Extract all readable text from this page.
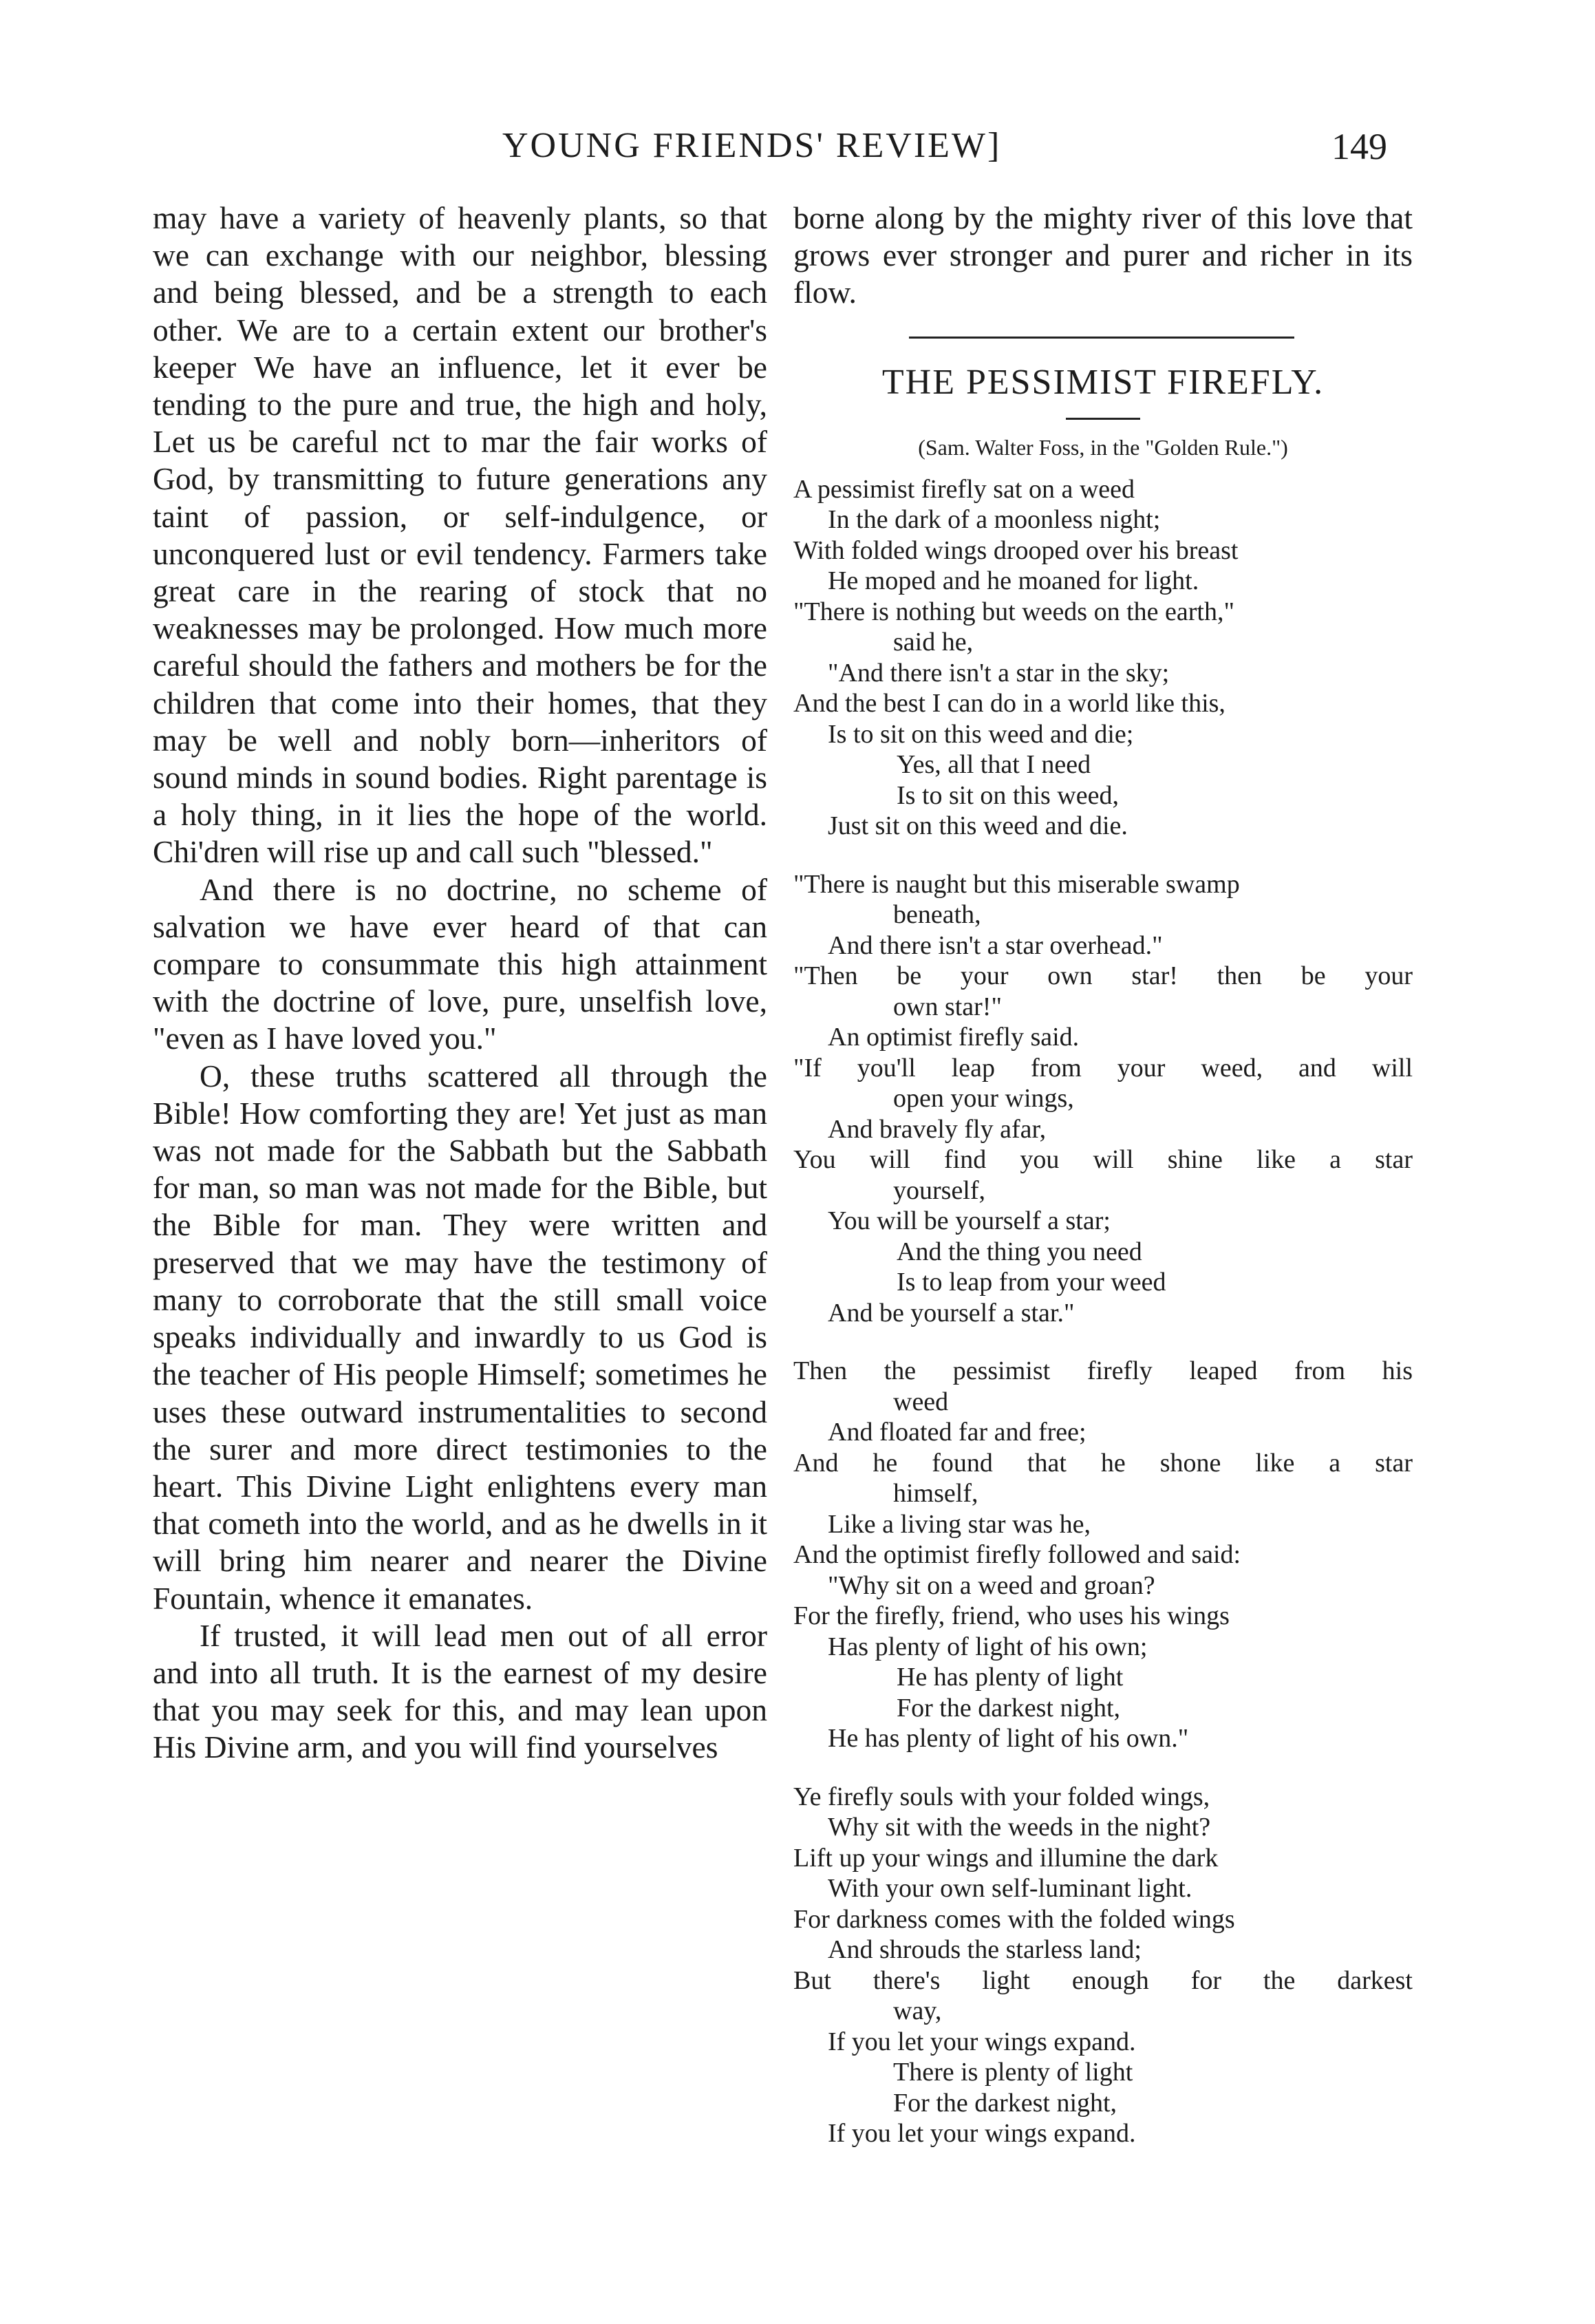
YOUNG FRIENDS' REVIEW]	149

may have a variety of heavenly plants, so that we can exchange with our neighbor, blessing and being blessed, and be a strength to each other. We are to a certain extent our brother's keeper We have an influence, let it ever be tending to the pure and true, the high and holy, Let us be careful nct to mar the fair works of God, by transmitting to future generations any taint of passion, or self-indulgence, or unconquered lust or evil tendency. Farmers take great care in the rearing of stock that no weaknesses may be prolonged. How much more careful should the fathers and mothers be for the children that come into their homes, that they may be well and nobly born—inheritors of sound minds in sound bodies. Right parentage is a holy thing, in it lies the hope of the world. Chi'dren will rise up and call such "blessed."

And there is no doctrine, no scheme of salvation we have ever heard of that can compare to consummate this high attainment with the doctrine of love, pure, unselfish love, "even as I have loved you."

O, these truths scattered all through the Bible! How comforting they are! Yet just as man was not made for the Sabbath but the Sabbath for man, so man was not made for the Bible, but the Bible for man. They were written and preserved that we may have the testimony of many to corroborate that the still small voice speaks individually and inwardly to us God is the teacher of His people Himself; sometimes he uses these outward instrumentalities to second the surer and more direct testimonies to the heart. This Divine Light enlightens every man that cometh into the world, and as he dwells in it will bring him nearer and nearer the Divine Fountain, whence it emanates.

If trusted, it will lead men out of all error and into all truth. It is the earnest of my desire that you may seek for this, and may lean upon His Divine arm, and you will find yourselves

borne along by the mighty river of this love that grows ever stronger and purer and richer in its flow.

THE PESSIMIST FIREFLY.
(Sam. Walter Foss, in the "Golden Rule.")
A pessimist firefly sat on a weed
In the dark of a moonless night;
With folded wings drooped over his breast
He moped and he moaned for light.
"There is nothing but weeds on the earth,"
said he,
"And there isn't a star in the sky;
And the best I can do in a world like this,
Is to sit on this weed and die;
Yes, all that I need
Is to sit on this weed,
Just sit on this weed and die.
"There is naught but this miserable swamp
beneath,
And there isn't a star overhead."
"Then be your own star! then be your
own star!"
An optimist firefly said.
"If you'll leap from your weed, and will
open your wings,
And bravely fly afar,
You will find you will shine like a star
yourself,
You will be yourself a star;
And the thing you need
Is to leap from your weed
And be yourself a star."
Then the pessimist firefly leaped from his
weed
And floated far and free;
And he found that he shone like a star
himself,
Like a living star was he,
And the optimist firefly followed and said:
"Why sit on a weed and groan?
For the firefly, friend, who uses his wings
Has plenty of light of his own;
He has plenty of light
For the darkest night,
He has plenty of light of his own."
Ye firefly souls with your folded wings,
Why sit with the weeds in the night?
Lift up your wings and illumine the dark
With your own self-luminant light.
For darkness comes with the folded wings
And shrouds the starless land;
But there's light enough for the darkest
way,
If you let your wings expand.
There is plenty of light
For the darkest night,
If you let your wings expand.
